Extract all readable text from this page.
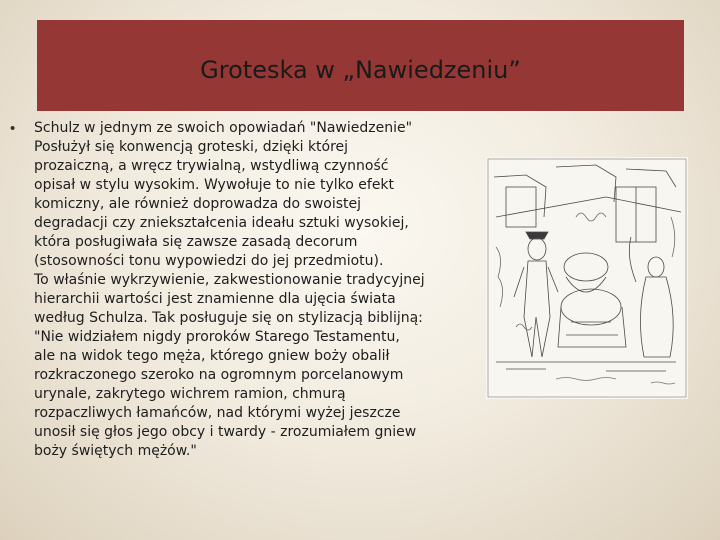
Groteska w „Nawiedzeniu”
• Schulz w jednym ze swoich opowiadań "Nawiedzenie"
Posłużył się konwencją groteski, dzięki której
prozaiczną, a wręcz trywialną, wstydliwą czynność
opisał w stylu wysokim. Wywołuje to nie tylko efekt
komiczny, ale również doprowadza do swoistej
degradacji czy zniekształcenia ideału sztuki wysokiej,
która posługiwała się zawsze zasadą decorum
(stosowności tonu wypowiedzi do jej przedmiotu).
To właśnie wykrzywienie, zakwestionowanie tradycyjnej
hierarchii wartości jest znamienne dla ujęcia świata
według Schulza. Tak posługuje się on stylizacją biblijną:
"Nie widziałem nigdy proroków Starego Testamentu,
ale na widok tego męża, którego gniew boży obalił
rozkraczonego szeroko na ogromnym porcelanowym
urynale, zakrytego wichrem ramion, chmurą
rozpaczliwych łamańców, nad którymi wyżej jeszcze
unosił się głos jego obcy i twardy - zrozumiałem gniew
boży świętych mężów."
